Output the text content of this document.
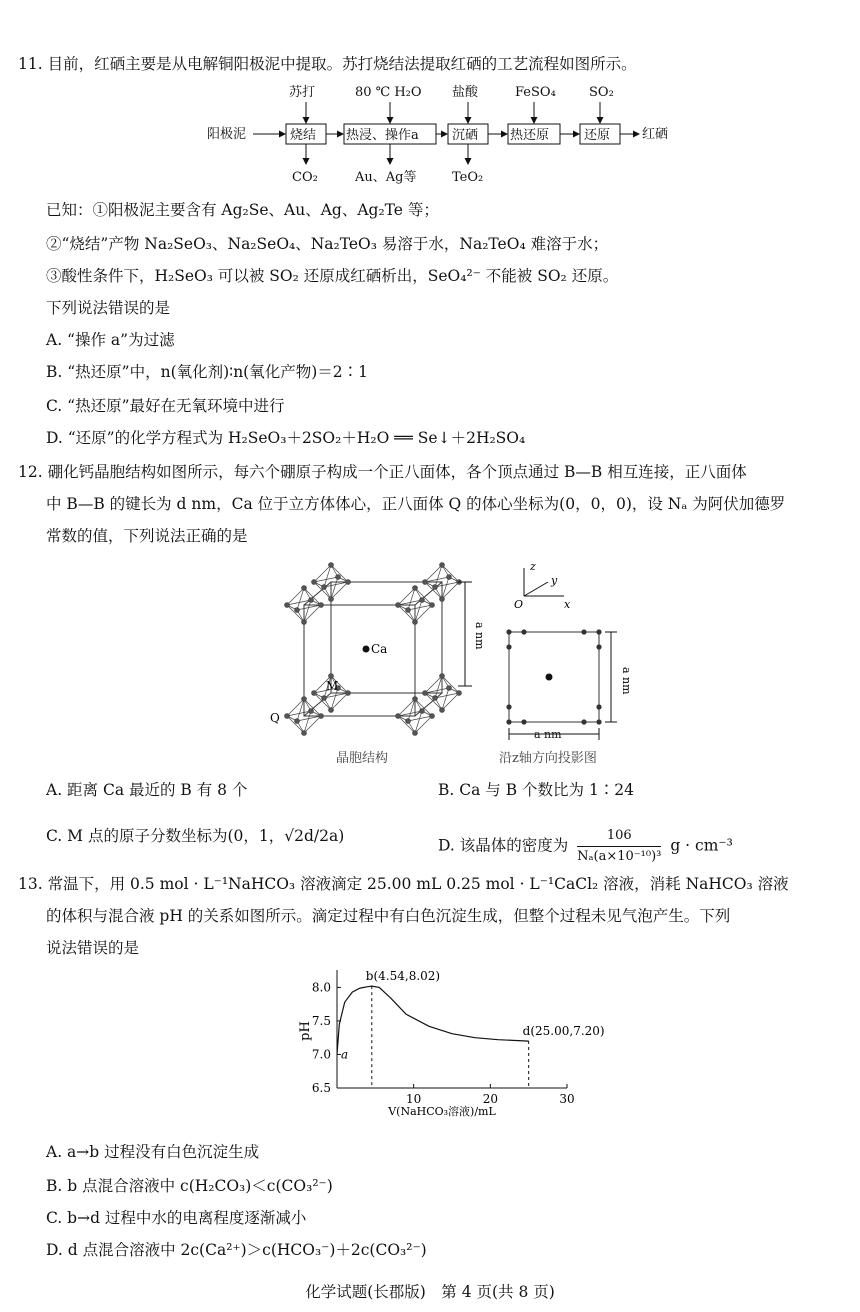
11. 目前，红硒主要是从电解铜阳极泥中提取。苏打烧结法提取红硒的工艺流程如图所示。
阳极泥	烧结 热浸、操作a	沉硒 热还原	还原 红硒
苏打	80 ℃ H₂O 盐酸	FeSO₄	SO₂
CO₂	Au、Ag等	TeO₂
已知：①阳极泥主要含有 Ag₂Se、Au、Ag、Ag₂Te 等；
②“烧结”产物 Na₂SeO₃、Na₂SeO₄、Na₂TeO₃ 易溶于水，Na₂TeO₄ 难溶于水；
③酸性条件下，H₂SeO₃ 可以被 SO₂ 还原成红硒析出，SeO₄²⁻ 不能被 SO₂ 还原。
下列说法错误的是
A. “操作 a”为过滤
B. “热还原”中，n(氧化剂)∶n(氧化产物)＝2∶1
C. “热还原”最好在无氧环境中进行
D. “还原”的化学方程式为 H₂SeO₃＋2SO₂＋H₂O ══ Se↓＋2H₂SO₄
12. 硼化钙晶胞结构如图所示，每六个硼原子构成一个正八面体，各个顶点通过 B—B 相互连接，正八面体
中 B—B 的键长为 d nm，Ca 位于立方体体心，正八面体 Q 的体心坐标为(0，0，0)，设 Nₐ 为阿伏加德罗
常数的值，下列说法正确的是
Ca
M
Q
a nm
z
y
x
O
a nm
a nm
晶胞结构	沿z轴方向投影图
A. 距离 Ca 最近的 B 有 8 个	B. Ca 与 B 个数比为 1∶24
C. M 点的原子分数坐标为(0，1，√2d/2a)
D. 该晶体的密度为 $\frac{106}{\text{Nₐ(a×10⁻¹⁰)³}}$ g · cm⁻³
13. 常温下，用 0.5 mol · L⁻¹NaHCO₃ 溶液滴定 25.00 mL 0.25 mol · L⁻¹CaCl₂ 溶液，消耗 NaHCO₃ 溶液
的体积与混合液 pH 的关系如图所示。滴定过程中有白色沉淀生成，但整个过程未见气泡产生。下列
说法错误的是
6.5
7.0
7.5
8.0
10	20	30
pH
V(NaHCO₃溶液)/mL
b(4.54,8.02)
d(25.00,7.20)
a
A. a→b 过程没有白色沉淀生成
B. b 点混合溶液中 c(H₂CO₃)＜c(CO₃²⁻)
C. b→d 过程中水的电离程度逐渐减小
D. d 点混合溶液中 2c(Ca²⁺)＞c(HCO₃⁻)＋2c(CO₃²⁻)
化学试题(长郡版)　第 4 页(共 8 页)
